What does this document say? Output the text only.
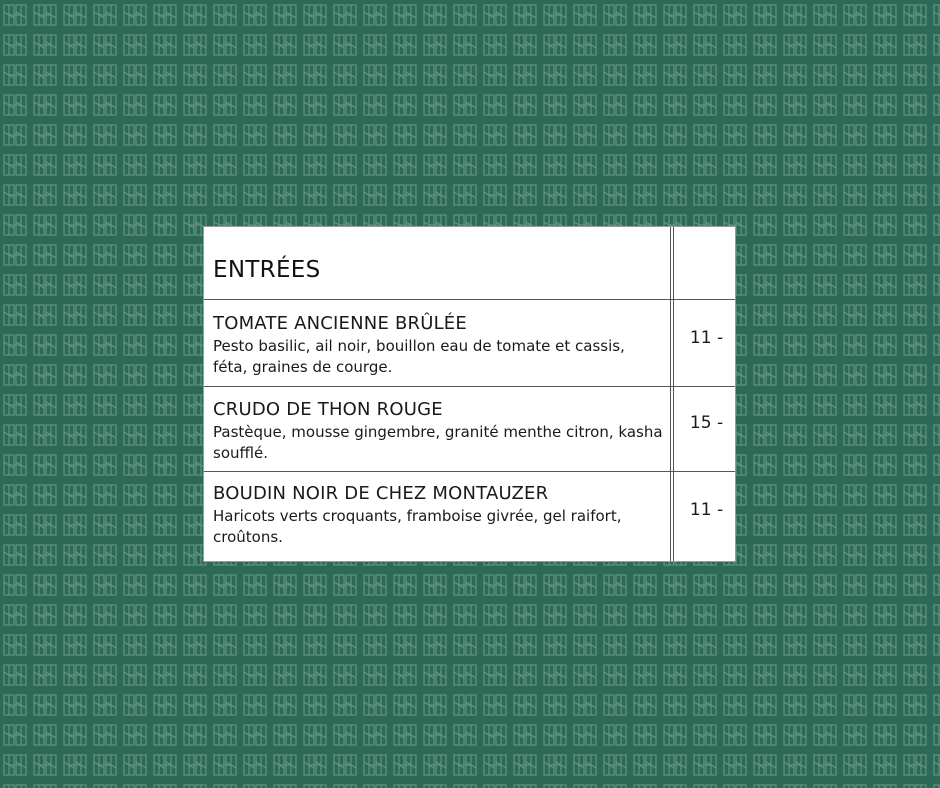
ENTRÉES
TOMATE ANCIENNE BRÛLÉE
Pesto basilic, ail noir, bouillon eau de tomate et cassis, féta, graines de courge.
11 -
CRUDO DE THON ROUGE
Pastèque, mousse gingembre, granité menthe citron, kasha soufflé.
15 -
BOUDIN NOIR DE CHEZ MONTAUZER
Haricots verts croquants, framboise givrée, gel raifort, croûtons.
11 -
